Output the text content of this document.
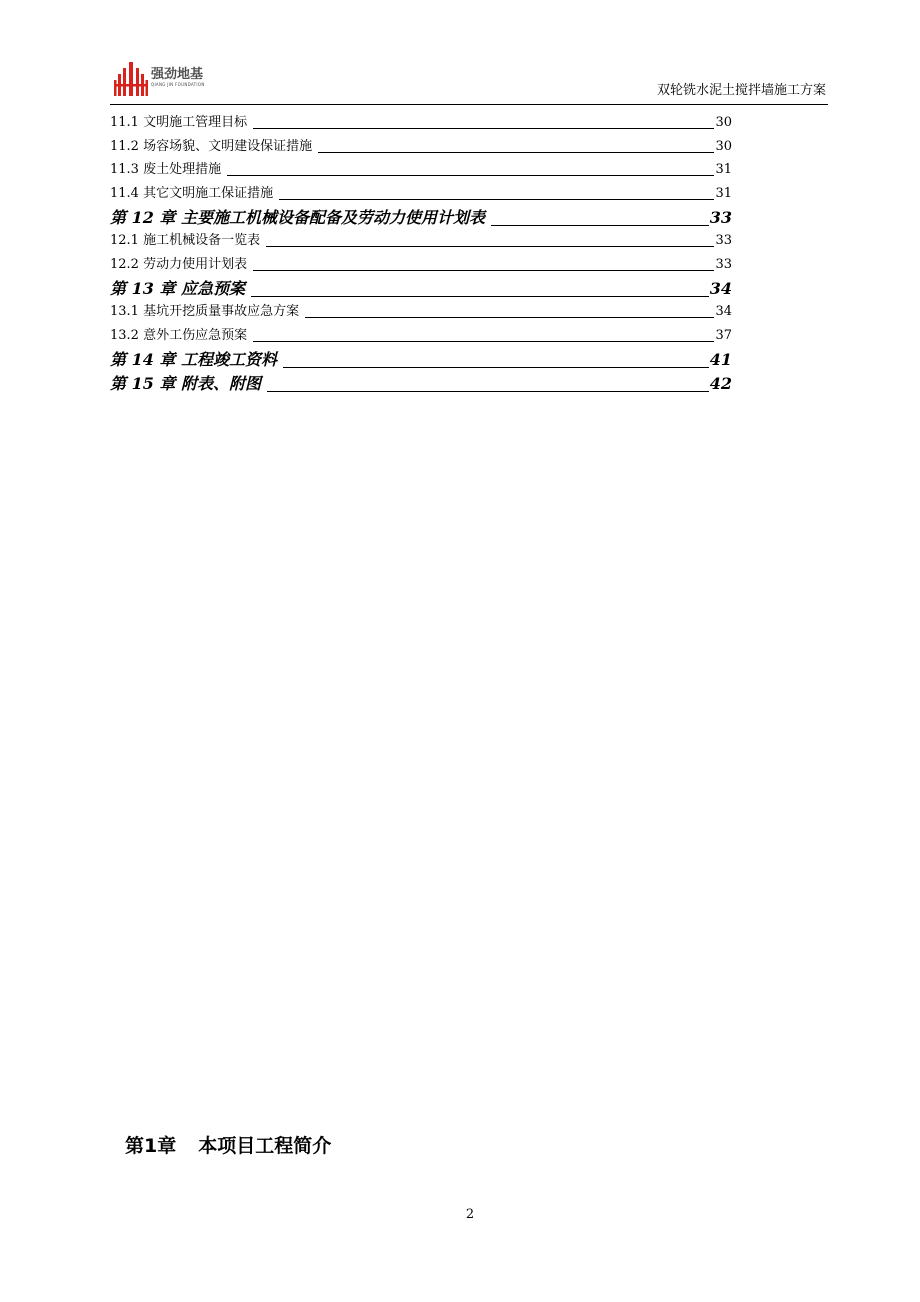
强劲地基
QIANG JIN FOUNDATION	双轮铣水泥土搅拌墙施工方案
11.1 文明施工管理目标	30
11.2 场容场貌、文明建设保证措施	30
11.3 废土处理措施	31
11.4 其它文明施工保证措施	31
第 12 章 主要施工机械设备配备及劳动力使用计划表	33
12.1 施工机械设备一览表	33
12.2 劳动力使用计划表	33
第 13 章 应急预案	34
13.1 基坑开挖质量事故应急方案	34
13.2 意外工伤应急预案	37
第 14 章 工程竣工资料	41
第 15 章 附表、附图	42
第1章 本项目工程简介
2
